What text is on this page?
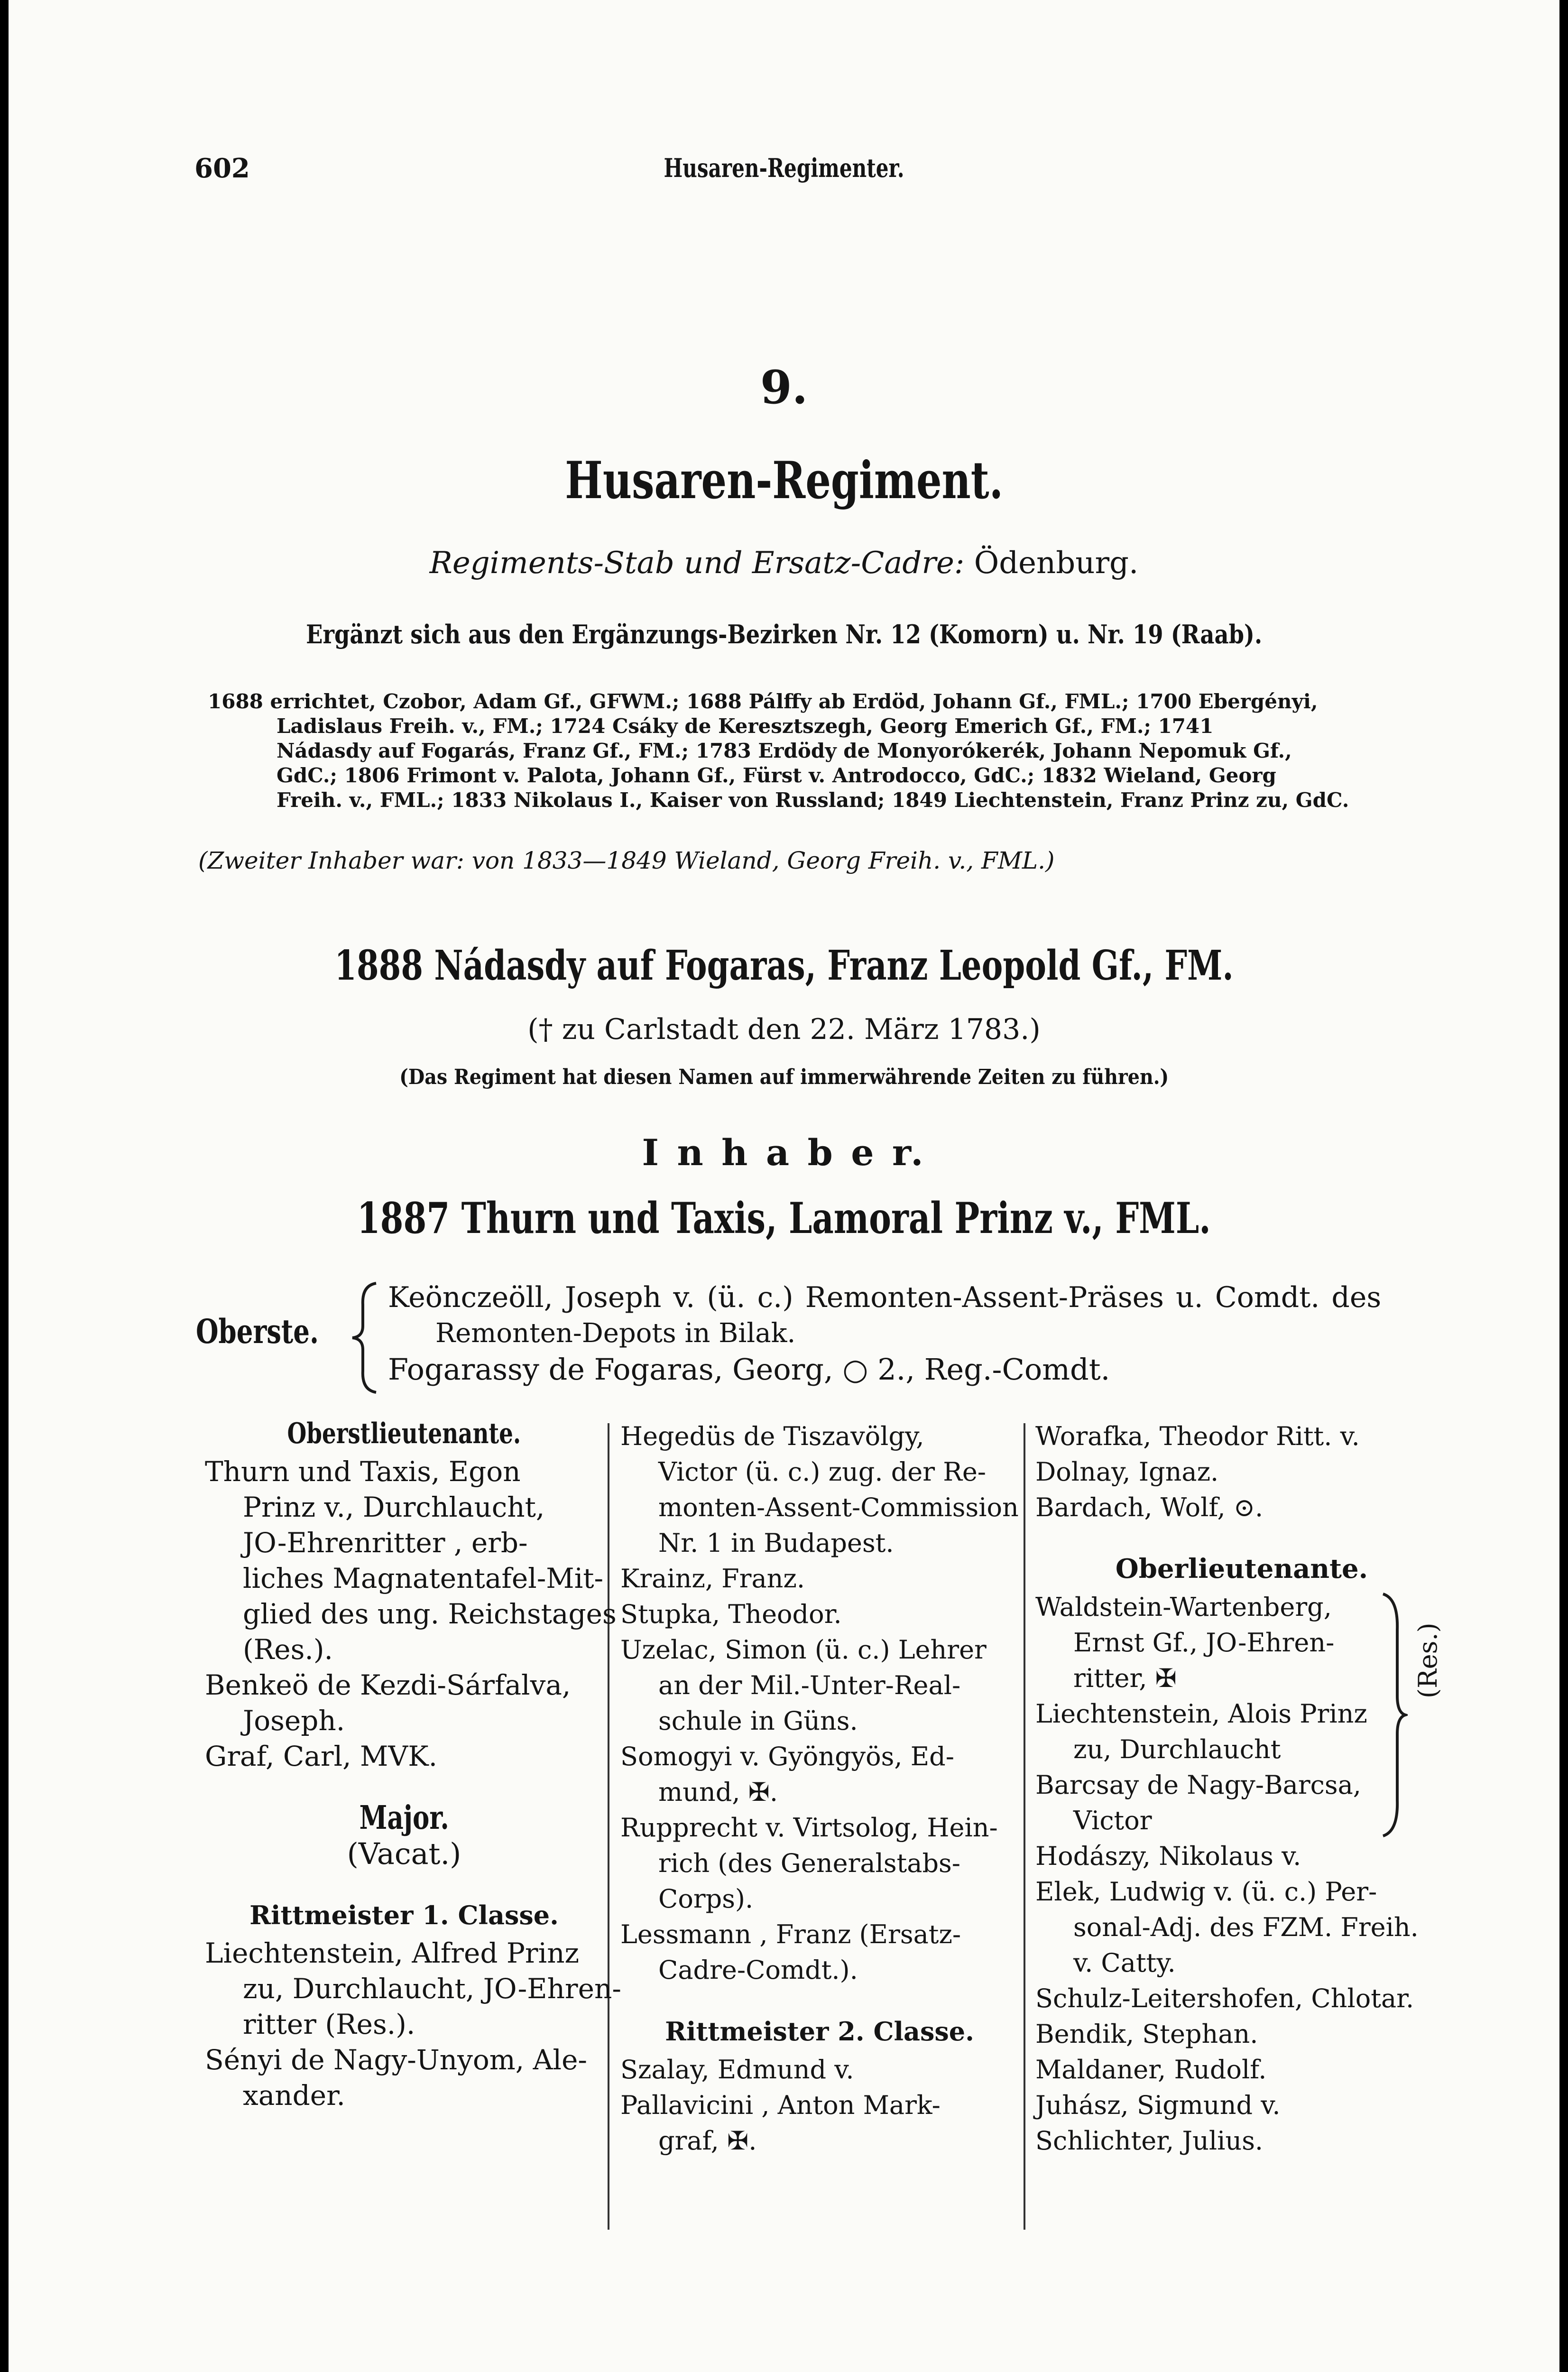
602	Husaren-Regimenter.
9.
Husaren-Regiment.
Regiments-Stab und Ersatz-Cadre: Ödenburg.
Ergänzt sich aus den Ergänzungs-Bezirken Nr. 12 (Komorn) u. Nr. 19 (Raab).
1688 errichtet, Czobor, Adam Gf., GFWM.; 1688 Pálffy ab Erdöd, Johann Gf., FML.; 1700 Ebergényi,
Ladislaus Freih. v., FM.; 1724 Csáky de Keresztszegh, Georg Emerich Gf., FM.; 1741
Nádasdy auf Fogarás, Franz Gf., FM.; 1783 Erdödy de Monyorókerék, Johann Nepomuk Gf.,
GdC.; 1806 Frimont v. Palota, Johann Gf., Fürst v. Antrodocco, GdC.; 1832 Wieland, Georg
Freih. v., FML.; 1833 Nikolaus I., Kaiser von Russland; 1849 Liechtenstein, Franz Prinz zu, GdC.
(Zweiter Inhaber war: von 1833—1849 Wieland, Georg Freih. v., FML.)
1888 Nádasdy auf Fogaras, Franz Leopold Gf., FM.
(† zu Carlstadt den 22. März 1783.)
(Das Regiment hat diesen Namen auf immerwährende Zeiten zu führen.)
I n h a b e r.
1887 Thurn und Taxis, Lamoral Prinz v., FML.
Oberste.
Keönczeöll, Joseph v. (ü. c.) Remonten-Assent-Präses u. Comdt. des
Remonten-Depots in Bilak.
Fogarassy de Fogaras, Georg, ○ 2., Reg.-Comdt.

Oberstlieutenante.

Thurn und Taxis, Egon

Prinz v., Durchlaucht,

JO-Ehrenritter , erb-

liches Magnatentafel-Mit-

glied des ung. Reichstages

(Res.).

Benkeö de Kezdi-Sárfalva,

Joseph.

Graf, Carl, MVK.

Major.

(Vacat.)

Rittmeister 1. Classe.

Liechtenstein, Alfred Prinz

zu, Durchlaucht, JO-Ehren-

ritter (Res.).

Sényi de Nagy-Unyom, Ale-

xander.

Hegedüs de Tiszavölgy,

Victor (ü. c.) zug. der Re-

monten-Assent-Commission

Nr. 1 in Budapest.

Krainz, Franz.

Stupka, Theodor.

Uzelac, Simon (ü. c.) Lehrer

an der Mil.-Unter-Real-

schule in Güns.

Somogyi v. Gyöngyös, Ed-

mund, ✠.

Rupprecht v. Virtsolog, Hein-

rich (des Generalstabs-

Corps).

Lessmann , Franz (Ersatz-

Cadre-Comdt.).

Rittmeister 2. Classe.

Szalay, Edmund v.

Pallavicini , Anton Mark-

graf, ✠.

Worafka, Theodor Ritt. v.

Dolnay, Ignaz.

Bardach, Wolf, ⊙.

Oberlieutenante.

Waldstein-Wartenberg,

Ernst Gf., JO-Ehren-

ritter, ✠

Liechtenstein, Alois Prinz

zu, Durchlaucht

Barcsay de Nagy-Barcsa,

Victor

(Res.)

Hodászy, Nikolaus v.

Elek, Ludwig v. (ü. c.) Per-

sonal-Adj. des FZM. Freih.

v. Catty.

Schulz-Leitershofen, Chlotar.

Bendik, Stephan.

Maldaner, Rudolf.

Juhász, Sigmund v.

Schlichter, Julius.
